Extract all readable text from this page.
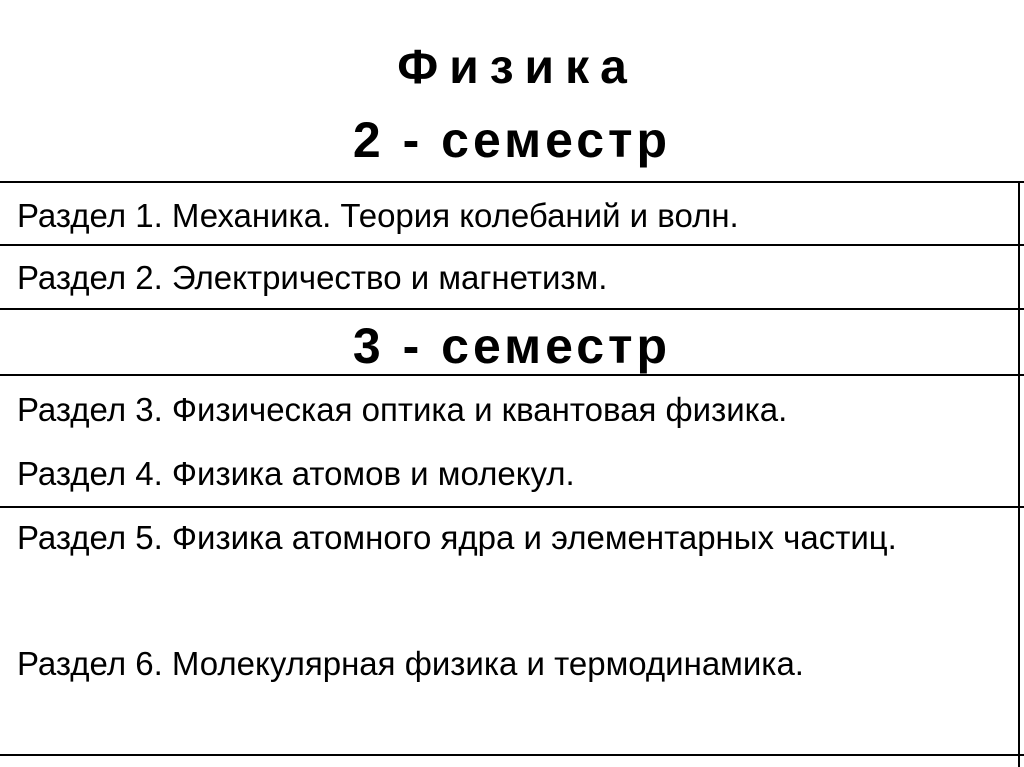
Физика
2 - семестр
Раздел 1. Механика. Теория колебаний и волн.
Раздел 2. Электричество и магнетизм.
3 - семестр
Раздел 3. Физическая оптика и квантовая физика.
Раздел 4. Физика атомов и молекул.
Раздел 5. Физика атомного ядра и элементарных частиц.
Раздел 6. Молекулярная физика и термодинамика.
